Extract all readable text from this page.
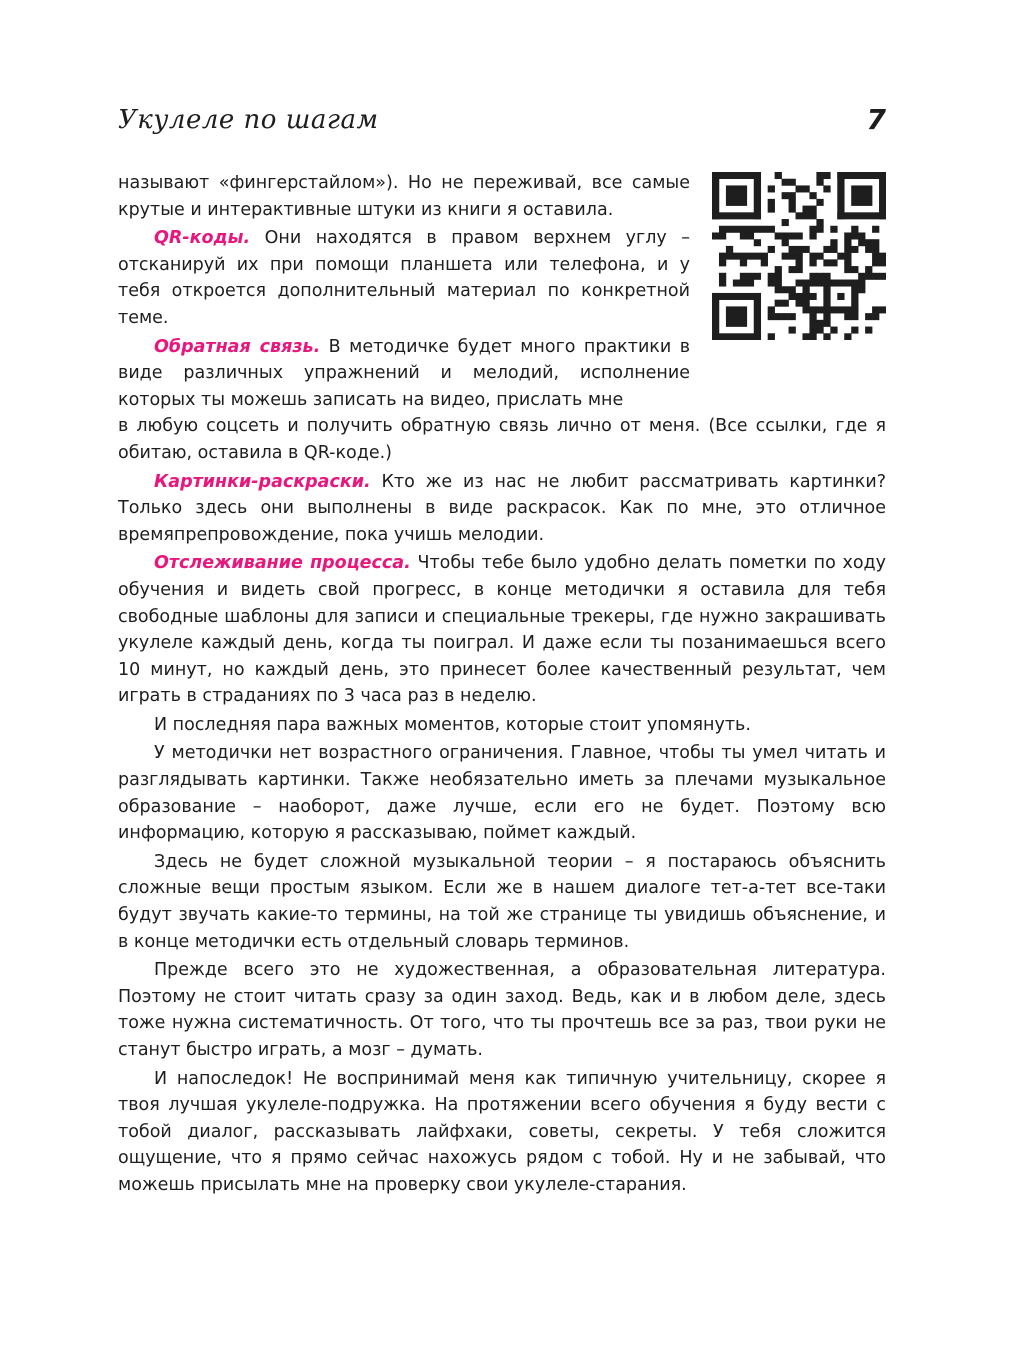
Укулеле по шагам	7

называют «фингерстайлом»). Но не переживай, все самые крутые и интерактивные штуки из книги я оставила.

QR-коды. Они находятся в правом верхнем углу – отсканируй их при помощи планшета или телефона, и у тебя откроется дополнительный материал по конкретной теме.

Обратная связь. В методичке будет много практики в виде различных упражнений и мелодий, исполнение которых ты можешь записать на видео, прислать мне

в любую соцсеть и получить обратную связь лично от меня. (Все ссылки, где я обитаю, оставила в QR-коде.)

Картинки-раскраски. Кто же из нас не любит рассматривать картинки? Только здесь они выполнены в виде раскрасок. Как по мне, это отличное времяпрепровождение, пока учишь мелодии.

Отслеживание процесса. Чтобы тебе было удобно делать пометки по ходу обучения и видеть свой прогресс, в конце методички я оставила для тебя свободные шаблоны для записи и специальные трекеры, где нужно закрашивать укулеле каждый день, когда ты поиграл. И даже если ты позанимаешься всего 10 минут, но каждый день, это принесет более качественный результат, чем играть в страданиях по 3 часа раз в неделю.

И последняя пара важных моментов, которые стоит упомянуть.

У методички нет возрастного ограничения. Главное, чтобы ты умел читать и разглядывать картинки. Также необязательно иметь за плечами музыкальное образование – наоборот, даже лучше, если его не будет. Поэтому всю информацию, которую я рассказываю, поймет каждый.

Здесь не будет сложной музыкальной теории – я постараюсь объяснить сложные вещи простым языком. Если же в нашем диалоге тет-а-тет все-таки будут звучать какие-то термины, на той же странице ты увидишь объяснение, и в конце методички есть отдельный словарь терминов.

Прежде всего это не художественная, а образовательная литература. Поэтому не стоит читать сразу за один заход. Ведь, как и в любом деле, здесь тоже нужна систематичность. От того, что ты прочтешь все за раз, твои руки не станут быстро играть, а мозг – думать.

И напоследок! Не воспринимай меня как типичную учительницу, скорее я твоя лучшая укулеле-подружка. На протяжении всего обучения я буду вести с тобой диалог, рассказывать лайфхаки, советы, секреты. У тебя сложится ощущение, что я прямо сейчас нахожусь рядом с тобой. Ну и не забывай, что можешь присылать мне на проверку свои укулеле-старания.
